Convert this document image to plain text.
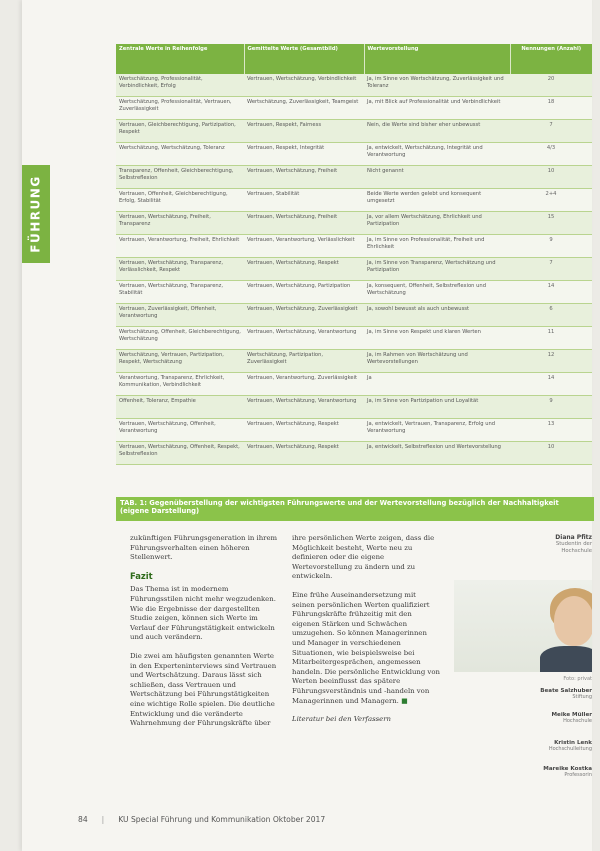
FÜHRUNG
Zentrale Werte in Reihenfolge	Gemittelte Werte (Gesamtbild)	Wertevorstellung	Nennungen (Anzahl)
Wertschätzung, Professionalität, Verbindlichkeit, Erfolg	Vertrauen, Wertschätzung, Verbindlichkeit	Ja, im Sinne von Wertschätzung, Zuverlässigkeit und Toleranz	20
Wertschätzung, Professionalität, Vertrauen, Zuverlässigkeit	Wertschätzung, Zuverlässigkeit, Teamgeist	Ja, mit Blick auf Professionalität und Verbindlichkeit	18
Vertrauen, Gleichberechtigung, Partizipation, Respekt	Vertrauen, Respekt, Fairness	Nein, die Werte sind bisher eher unbewusst	7
Wertschätzung, Wertschätzung, Toleranz	Vertrauen, Respekt, Integrität	Ja, entwickelt, Wertschätzung, Integrität und Verantwortung	4/3
Transparenz, Offenheit, Gleichberechtigung, Selbstreflexion	Vertrauen, Wertschätzung, Freiheit	Nicht genannt	10
Vertrauen, Offenheit, Gleichberechtigung, Erfolg, Stabilität	Vertrauen, Stabilität	Beide Werte werden gelebt und konsequent umgesetzt	2+4
Vertrauen, Wertschätzung, Freiheit, Transparenz	Vertrauen, Wertschätzung, Freiheit	Ja, vor allem Wertschätzung, Ehrlichkeit und Partizipation	15
Vertrauen, Verantwortung, Freiheit, Ehrlichkeit	Vertrauen, Verantwortung, Verlässlichkeit	Ja, im Sinne von Professionalität, Freiheit und Ehrlichkeit	9
Vertrauen, Wertschätzung, Transparenz, Verlässlichkeit, Respekt	Vertrauen, Wertschätzung, Respekt	Ja, im Sinne von Transparenz, Wertschätzung und Partizipation	7
Vertrauen, Wertschätzung, Transparenz, Stabilität	Vertrauen, Wertschätzung, Partizipation	Ja, konsequent, Offenheit, Selbstreflexion und Wertschätzung	14
Vertrauen, Zuverlässigkeit, Offenheit, Verantwortung	Vertrauen, Wertschätzung, Zuverlässigkeit	Ja, sowohl bewusst als auch unbewusst	6
Wertschätzung, Offenheit, Gleichberechtigung, Wertschätzung	Vertrauen, Wertschätzung, Verantwortung	Ja, im Sinne von Respekt und klaren Werten	11
Wertschätzung, Vertrauen, Partizipation, Respekt, Wertschätzung	Wertschätzung, Partizipation, Zuverlässigkeit	Ja, im Rahmen von Wertschätzung und Wertevorstellungen	12
Verantwortung, Transparenz, Ehrlichkeit, Kommunikation, Verbindlichkeit	Vertrauen, Verantwortung, Zuverlässigkeit	Ja	14
Offenheit, Toleranz, Empathie	Vertrauen, Wertschätzung, Verantwortung	Ja, im Sinne von Partizipation und Loyalität	9
Vertrauen, Wertschätzung, Offenheit, Verantwortung	Vertrauen, Wertschätzung, Respekt	Ja, entwickelt, Vertrauen, Transparenz, Erfolg und Verantwortung	13
Vertrauen, Wertschätzung, Offenheit, Respekt, Selbstreflexion	Vertrauen, Wertschätzung, Respekt	Ja, entwickelt, Selbstreflexion und Wertevorstellung	10
TAB. 1: Gegenüberstellung der wichtigsten Führungswerte und der Wertevorstellung bezüglich der Nachhaltigkeit (eigene Darstellung)

zukünftigen Führungsgeneration in ihrem Führungsverhalten einen höheren Stellenwert.

Fazit

Das Thema ist in modernem Führungsstilen nicht mehr wegzudenken. Wie die Ergebnisse der dargestellten Studie zeigen, können sich Werte im Verlauf der Führungstätigkeit entwickeln und auch verändern.

Die zwei am häufigsten genannten Werte in den Experteninterviews sind Vertrauen und Wertschätzung. Daraus lässt sich schließen, dass Vertrauen und Wertschätzung bei Führungstätigkeiten eine wichtige Rolle spielen. Die deutliche Entwicklung und die veränderte Wahrnehmung der Führungskräfte über

ihre persönlichen Werte zeigen, dass die Möglichkeit besteht, Werte neu zu definieren oder die eigene Wertevorstellung zu ändern und zu entwickeln.

Eine frühe Auseinandersetzung mit seinen persönlichen Werten qualifiziert Führungskräfte frühzeitig mit den eigenen Stärken und Schwächen umzugehen. So können Managerinnen und Manager in verschiedenen Situationen, wie beispielsweise bei Mitarbeitergesprächen, angemessen handeln. Die persönliche Entwicklung von Werten beeinflusst das spätere Führungsverständnis und -handeln von Managerinnen und Managern. ■

Literatur bei den Verfassern

Diana Pfitz
Studentin der
Hochschule
Foto: privat
Beate Salzhuber
Stiftung
Meike Müller
Hochschule
Kristin Lenk
Hochschulleitung
Mareike Kostka
Professorin
84 | KU Special Führung und Kommunikation Oktober 2017
